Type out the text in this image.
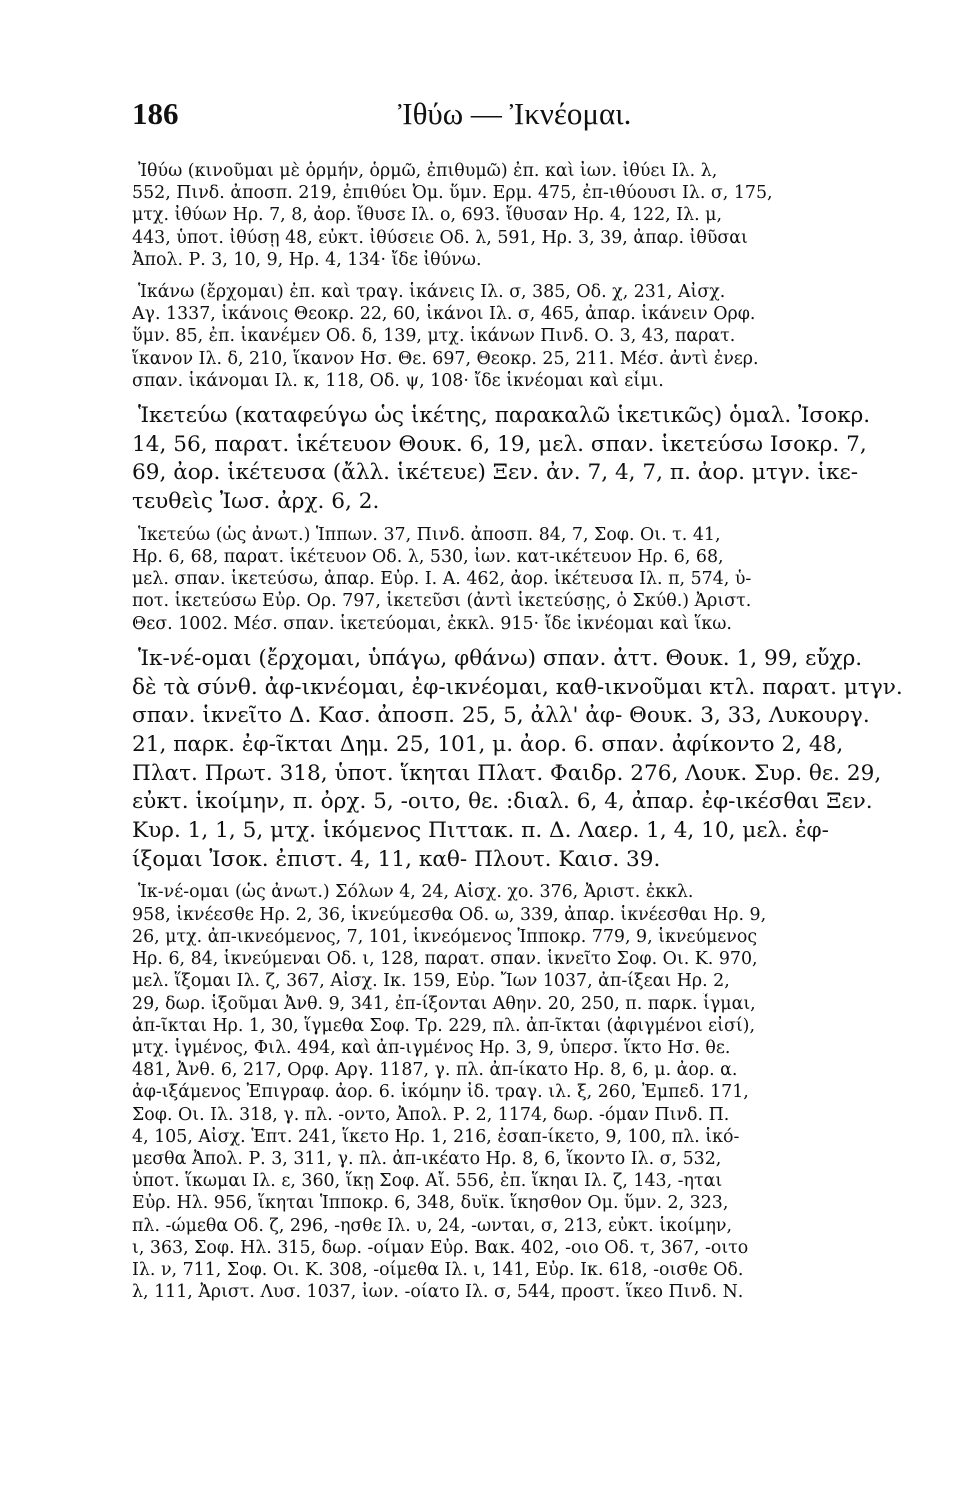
186	Ἰθύω — Ἰκνέομαι.
Ἰθύω (κινοῦμαι μὲ ὁρμήν, ὁρμῶ, ἐπιθυμῶ) ἐπ. καὶ ἰων. ἰθύει Ιλ. λ,
552, Πινδ. ἀποσπ. 219, ἐπιθύει Ὀμ. ὕμν. Ερμ. 475, ἐπ-ιθύουσι Ιλ. σ, 175,
μτχ. ἰθύων Ηρ. 7, 8, ἀορ. ἴθυσε Ιλ. ο, 693. ἴθυσαν Ηρ. 4, 122, Ιλ. μ,
443, ὑποτ. ἰθύσῃ 48, εὐκτ. ἰθύσειε Οδ. λ, 591, Ηρ. 3, 39, ἀπαρ. ἰθῦσαι
Ἀπολ. Ρ. 3, 10, 9, Ηρ. 4, 134· ἴδε ἰθύνω.
Ἱκάνω (ἔρχομαι) ἐπ. καὶ τραγ. ἱκάνεις Ιλ. σ, 385, Οδ. χ, 231, Αἰσχ.
Αγ. 1337, ἱκάνοις Θεοκρ. 22, 60, ἱκάνοι Ιλ. σ, 465, ἀπαρ. ἱκάνειν Ορφ.
ὕμν. 85, ἐπ. ἱκανέμεν Οδ. δ, 139, μτχ. ἱκάνων Πινδ. Ο. 3, 43, παρατ.
ἵκανον Ιλ. δ, 210, ἵκανον Ησ. Θε. 697, Θεοκρ. 25, 211. Μέσ. ἀντὶ ἐνερ.
σπαν. ἱκάνομαι Ιλ. κ, 118, Οδ. ψ, 108· ἴδε ἱκνέομαι καὶ εἶμι.
Ἱκετεύω (καταφεύγω ὡς ἱκέτης, παρακαλῶ ἱκετικῶς) ὁμαλ. Ἰσοκρ.
14, 56, παρατ. ἱκέτευον Θουκ. 6, 19, μελ. σπαν. ἱκετεύσω Ισοκρ. 7,
69, ἀορ. ἱκέτευσα (ἄλλ. ἱκέτευε) Ξεν. ἀν. 7, 4, 7, π. ἀορ. μτγν. ἱκε-
τευθεὶς Ἰωσ. ἀρχ. 6, 2.
Ἱκετεύω (ὡς ἀνωτ.) Ἱππων. 37, Πινδ. ἀποσπ. 84, 7, Σοφ. Οι. τ. 41,
Ηρ. 6, 68, παρατ. ἱκέτευον Οδ. λ, 530, ἰων. κατ-ικέτευον Ηρ. 6, 68,
μελ. σπαν. ἱκετεύσω, ἀπαρ. Εὐρ. Ι. Α. 462, ἀορ. ἱκέτευσα Ιλ. π, 574, ὑ-
ποτ. ἱκετεύσω Εὐρ. Ορ. 797, ἱκετεῦσι (ἀντὶ ἱκετεύσῃς, ὁ Σκύθ.) Ἀριστ.
Θεσ. 1002. Μέσ. σπαν. ἱκετεύομαι, ἐκκλ. 915· ἴδε ἱκνέομαι καὶ ἵκω.
Ἱκ-νέ-ομαι (ἔρχομαι, ὑπάγω, φθάνω) σπαν. ἀττ. Θουκ. 1, 99, εὔχρ.
δὲ τὰ σύνθ. ἀφ-ικνέομαι, ἐφ-ικνέομαι, καθ-ικνοῦμαι κτλ. παρατ. μτγν.
σπαν. ἱκνεῖτο Δ. Κασ. ἀποσπ. 25, 5, ἀλλ' ἀφ- Θουκ. 3, 33, Λυκουργ.
21, παρκ. ἐφ-ῖκται Δημ. 25, 101, μ. ἀορ. 6. σπαν. ἀφίκοντο 2, 48,
Πλατ. Πρωτ. 318, ὑποτ. ἵκηται Πλατ. Φαιδρ. 276, Λουκ. Συρ. θε. 29,
εὐκτ. ἱκοίμην, π. ὀρχ. 5, -οιτο, θε. :διαλ. 6, 4, ἀπαρ. ἐφ-ικέσθαι Ξεν.
Κυρ. 1, 1, 5, μτχ. ἱκόμενος Πιττακ. π. Δ. Λαερ. 1, 4, 10, μελ. ἐφ-
ίξομαι Ἰσοκ. ἐπιστ. 4, 11, καθ- Πλουτ. Καισ. 39.
Ἱκ-νέ-ομαι (ὡς ἀνωτ.) Σόλων 4, 24, Αἰσχ. χο. 376, Ἀριστ. ἐκκλ.
958, ἱκνέεσθε Ηρ. 2, 36, ἱκνεύμεσθα Οδ. ω, 339, ἀπαρ. ἱκνέεσθαι Ηρ. 9,
26, μτχ. ἀπ-ικνεόμενος, 7, 101, ἱκνεόμενος Ἱπποκρ. 779, 9, ἱκνεύμενος
Ηρ. 6, 84, ἱκνεύμεναι Οδ. ι, 128, παρατ. σπαν. ἱκνεῖτο Σοφ. Οι. Κ. 970,
μελ. ἵξομαι Ιλ. ζ, 367, Αἰσχ. Ικ. 159, Εὐρ. Ἴων 1037, ἀπ-ίξεαι Ηρ. 2,
29, δωρ. ἱξοῦμαι Ἀνθ. 9, 341, ἐπ-ίξονται Αθην. 20, 250, π. παρκ. ἷγμαι,
ἀπ-ῖκται Ηρ. 1, 30, ἵγμεθα Σοφ. Τρ. 229, πλ. ἀπ-ῖκται (ἀφιγμένοι εἰσί),
μτχ. ἱγμένος, Φιλ. 494, καὶ ἀπ-ιγμένος Ηρ. 3, 9, ὑπερσ. ἵκτο Ησ. θε.
481, Ἀνθ. 6, 217, Ορφ. Αργ. 1187, γ. πλ. ἀπ-ίκατο Ηρ. 8, 6, μ. ἀορ. α.
ἀφ-ιξάμενος Ἐπιγραφ. ἀορ. 6. ἱκόμην ἰδ. τραγ. ιλ. ξ, 260, Ἐμπεδ. 171,
Σοφ. Οι. Ιλ. 318, γ. πλ. -οντο, Ἀπολ. Ρ. 2, 1174, δωρ. -όμαν Πινδ. Π.
4, 105, Αἰσχ. Ἑπτ. 241, ἵκετο Ηρ. 1, 216, ἐσαπ-ίκετο, 9, 100, πλ. ἱκό-
μεσθα Ἀπολ. Ρ. 3, 311, γ. πλ. ἀπ-ικέατο Ηρ. 8, 6, ἵκοντο Ιλ. σ, 532,
ὑποτ. ἵκωμαι Ιλ. ε, 360, ἵκῃ Σοφ. Αἴ. 556, ἐπ. ἵκηαι Ιλ. ζ, 143, -ηται
Εὐρ. Ηλ. 956, ἵκηται Ἱπποκρ. 6, 348, δυϊκ. ἵκησθον Ομ. ὕμν. 2, 323,
πλ. -ώμεθα Οδ. ζ, 296, -ησθε Ιλ. υ, 24, -ωνται, σ, 213, εὐκτ. ἱκοίμην,
ι, 363, Σοφ. Ηλ. 315, δωρ. -οίμαν Εὐρ. Βακ. 402, -οιο Οδ. τ, 367, -οιτο
Ιλ. ν, 711, Σοφ. Οι. Κ. 308, -οίμεθα Ιλ. ι, 141, Εὐρ. Ικ. 618, -οισθε Οδ.
λ, 111, Ἀριστ. Λυσ. 1037, ἰων. -οίατο Ιλ. σ, 544, προστ. ἵκεο Πινδ. Ν.
